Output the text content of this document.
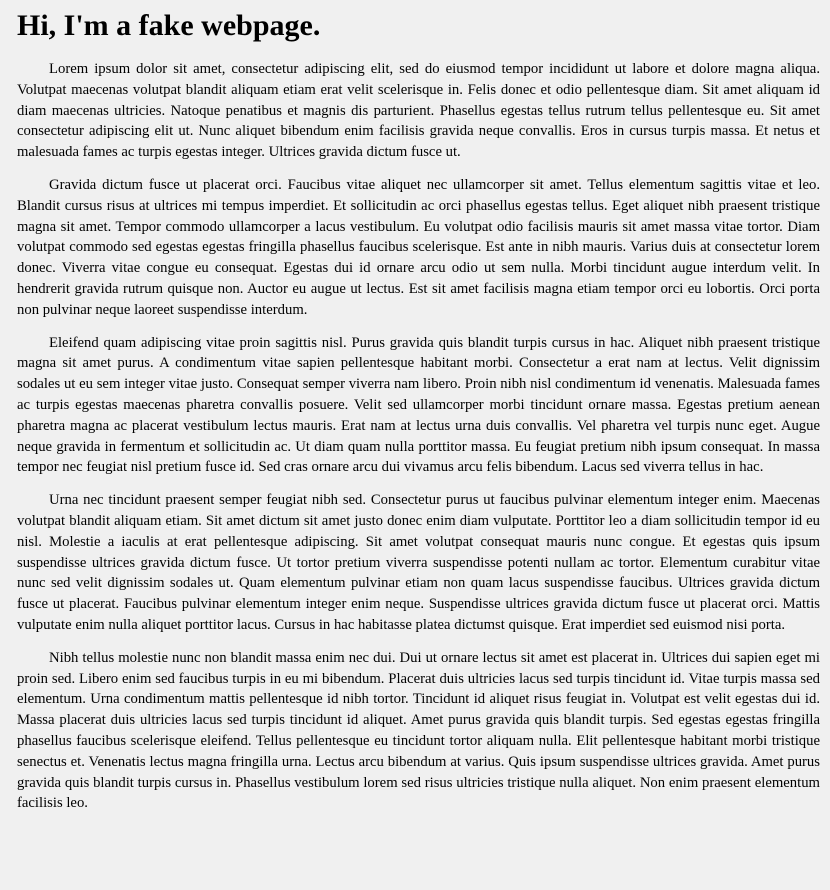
Hi, I'm a fake webpage.

Lorem ipsum dolor sit amet, consectetur adipiscing elit, sed do eiusmod tempor incididunt ut labore et dolore magna aliqua. Volutpat maecenas volutpat blandit aliquam etiam erat velit scelerisque in. Felis donec et odio pellentesque diam. Sit amet aliquam id diam maecenas ultricies. Natoque penatibus et magnis dis parturient. Phasellus egestas tellus rutrum tellus pellentesque eu. Sit amet consectetur adipiscing elit ut. Nunc aliquet bibendum enim facilisis gravida neque convallis. Eros in cursus turpis massa. Et netus et malesuada fames ac turpis egestas integer. Ultrices gravida dictum fusce ut.

Gravida dictum fusce ut placerat orci. Faucibus vitae aliquet nec ullamcorper sit amet. Tellus elementum sagittis vitae et leo. Blandit cursus risus at ultrices mi tempus imperdiet. Et sollicitudin ac orci phasellus egestas tellus. Eget aliquet nibh praesent tristique magna sit amet. Tempor commodo ullamcorper a lacus vestibulum. Eu volutpat odio facilisis mauris sit amet massa vitae tortor. Diam volutpat commodo sed egestas egestas fringilla phasellus faucibus scelerisque. Est ante in nibh mauris. Varius duis at consectetur lorem donec. Viverra vitae congue eu consequat. Egestas dui id ornare arcu odio ut sem nulla. Morbi tincidunt augue interdum velit. In hendrerit gravida rutrum quisque non. Auctor eu augue ut lectus. Est sit amet facilisis magna etiam tempor orci eu lobortis. Orci porta non pulvinar neque laoreet suspendisse interdum.

Eleifend quam adipiscing vitae proin sagittis nisl. Purus gravida quis blandit turpis cursus in hac. Aliquet nibh praesent tristique magna sit amet purus. A condimentum vitae sapien pellentesque habitant morbi. Consectetur a erat nam at lectus. Velit dignissim sodales ut eu sem integer vitae justo. Consequat semper viverra nam libero. Proin nibh nisl condimentum id venenatis. Malesuada fames ac turpis egestas maecenas pharetra convallis posuere. Velit sed ullamcorper morbi tincidunt ornare massa. Egestas pretium aenean pharetra magna ac placerat vestibulum lectus mauris. Erat nam at lectus urna duis convallis. Vel pharetra vel turpis nunc eget. Augue neque gravida in fermentum et sollicitudin ac. Ut diam quam nulla porttitor massa. Eu feugiat pretium nibh ipsum consequat. In massa tempor nec feugiat nisl pretium fusce id. Sed cras ornare arcu dui vivamus arcu felis bibendum. Lacus sed viverra tellus in hac.

Urna nec tincidunt praesent semper feugiat nibh sed. Consectetur purus ut faucibus pulvinar elementum integer enim. Maecenas volutpat blandit aliquam etiam. Sit amet dictum sit amet justo donec enim diam vulputate. Porttitor leo a diam sollicitudin tempor id eu nisl. Molestie a iaculis at erat pellentesque adipiscing. Sit amet volutpat consequat mauris nunc congue. Et egestas quis ipsum suspendisse ultrices gravida dictum fusce. Ut tortor pretium viverra suspendisse potenti nullam ac tortor. Elementum curabitur vitae nunc sed velit dignissim sodales ut. Quam elementum pulvinar etiam non quam lacus suspendisse faucibus. Ultrices gravida dictum fusce ut placerat. Faucibus pulvinar elementum integer enim neque. Suspendisse ultrices gravida dictum fusce ut placerat orci. Mattis vulputate enim nulla aliquet porttitor lacus. Cursus in hac habitasse platea dictumst quisque. Erat imperdiet sed euismod nisi porta.

Nibh tellus molestie nunc non blandit massa enim nec dui. Dui ut ornare lectus sit amet est placerat in. Ultrices dui sapien eget mi proin sed. Libero enim sed faucibus turpis in eu mi bibendum. Placerat duis ultricies lacus sed turpis tincidunt id. Vitae turpis massa sed elementum. Urna condimentum mattis pellentesque id nibh tortor. Tincidunt id aliquet risus feugiat in. Volutpat est velit egestas dui id. Massa placerat duis ultricies lacus sed turpis tincidunt id aliquet. Amet purus gravida quis blandit turpis. Sed egestas egestas fringilla phasellus faucibus scelerisque eleifend. Tellus pellentesque eu tincidunt tortor aliquam nulla. Elit pellentesque habitant morbi tristique senectus et. Venenatis lectus magna fringilla urna. Lectus arcu bibendum at varius. Quis ipsum suspendisse ultrices gravida. Amet purus gravida quis blandit turpis cursus in. Phasellus vestibulum lorem sed risus ultricies tristique nulla aliquet. Non enim praesent elementum facilisis leo.
